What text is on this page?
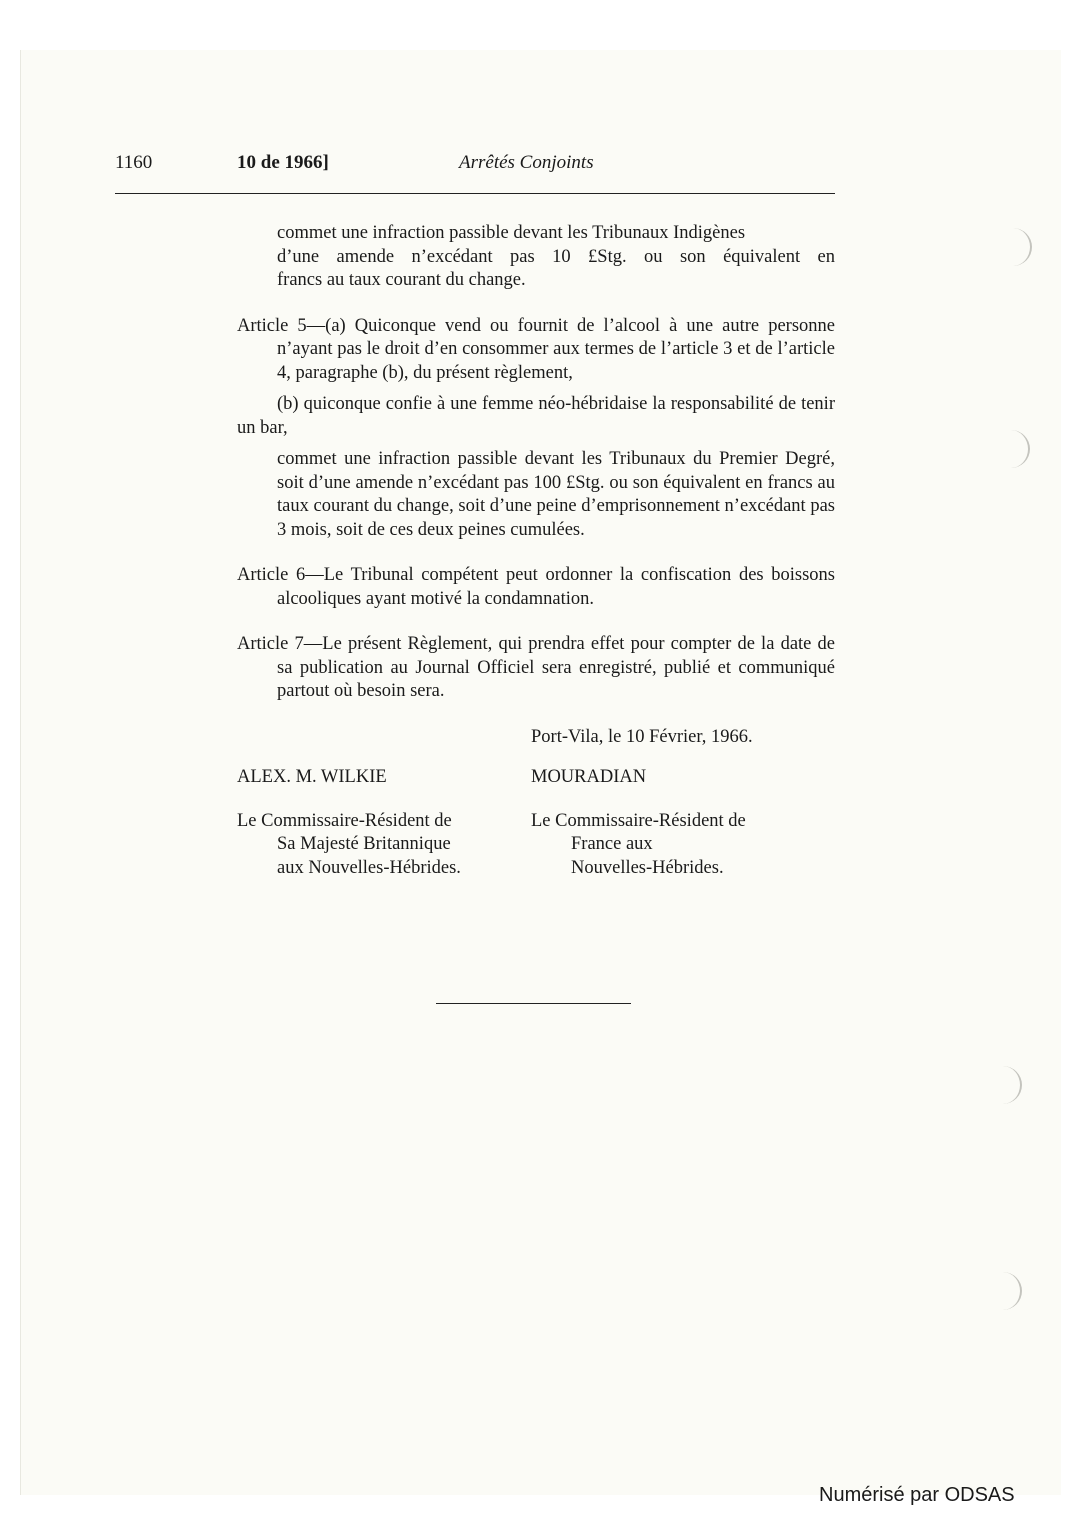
1160	10 de 1966]	Arrêtés Conjoints
commet une infraction passible devant les Tribunaux Indigènes
d’une amende n’excédant pas 10 £Stg. ou son équivalent en
francs au taux courant du change.

Article 5—(a) Quiconque vend ou fournit de l’alcool à une autre personne n’ayant pas le droit d’en consommer aux termes de l’article 3 et de l’article 4, paragraphe (b), du présent règlement,

(b) quiconque confie à une femme néo-hébridaise la responsabilité de tenir un bar,

commet une infraction passible devant les Tribunaux du Premier Degré, soit d’une amende n’excédant pas 100 £Stg. ou son équivalent en francs au taux courant du change, soit d’une peine d’emprisonnement n’excédant pas 3 mois, soit de ces deux peines cumulées.

Article 6—Le Tribunal compétent peut ordonner la confiscation des boissons alcooliques ayant motivé la condamnation.

Article 7—Le présent Règlement, qui prendra effet pour compter de la date de sa publication au Journal Officiel sera enregistré, publié et communiqué partout où besoin sera.

Port-Vila, le 10 Février, 1966.
ALEX. M. WILKIE	MOURADIAN
Le Commissaire-Résident de
Sa Majesté Britannique
aux Nouvelles-Hébrides.
Le Commissaire-Résident de
France aux
Nouvelles-Hébrides.
Numérisé par ODSAS
